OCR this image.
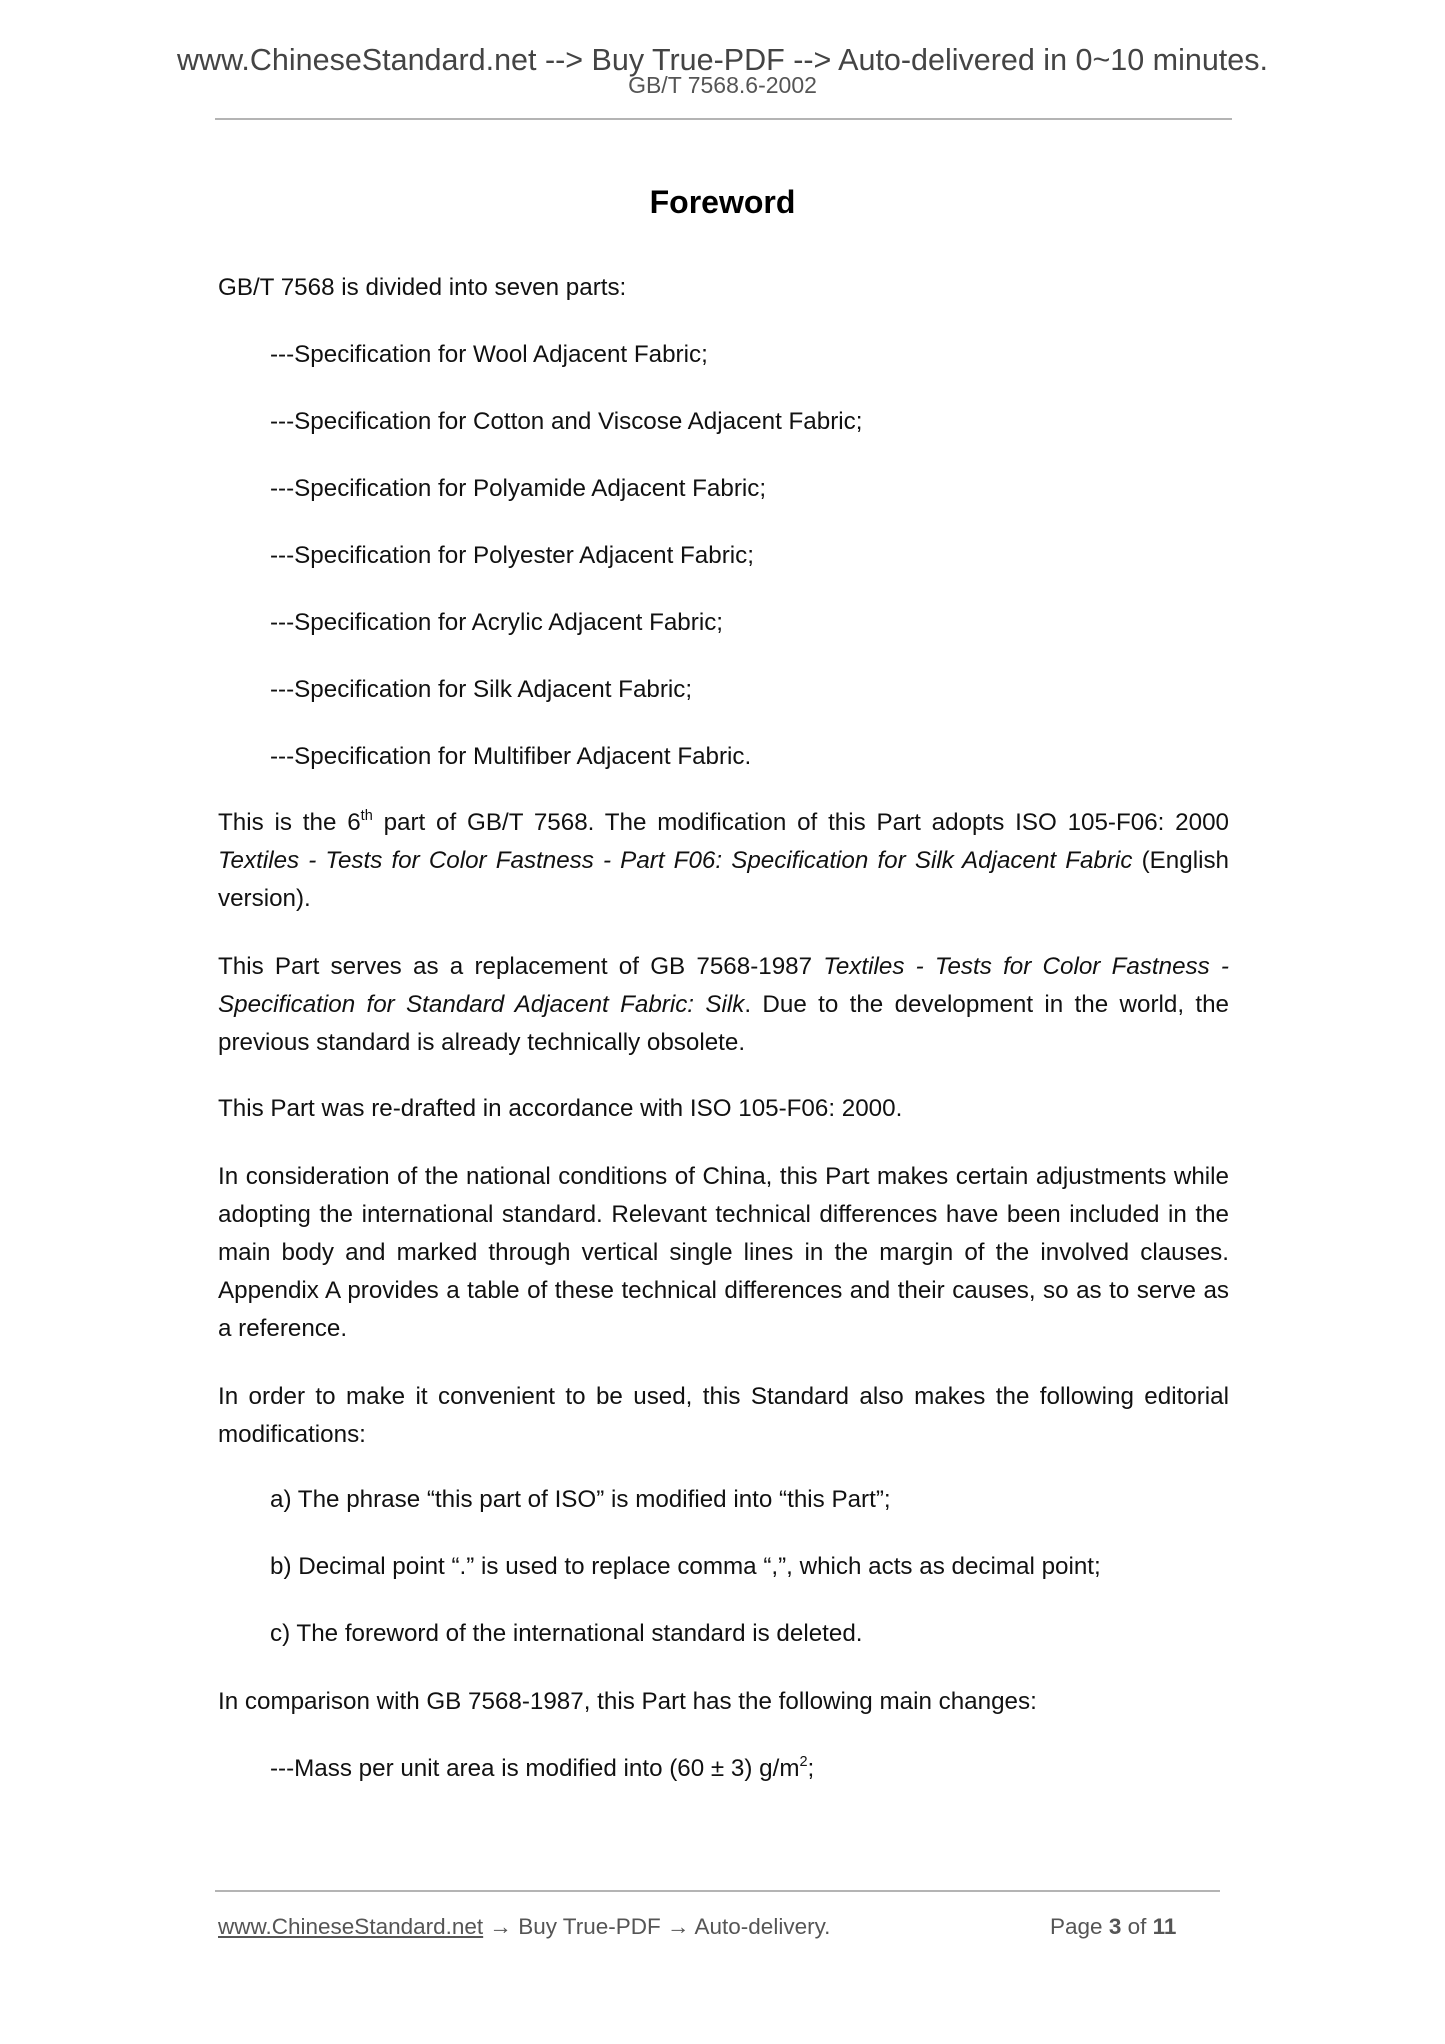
www.ChineseStandard.net --> Buy True-PDF --> Auto-delivered in 0~10 minutes.
GB/T 7568.6-2002
Foreword
GB/T 7568 is divided into seven parts:
---Specification for Wool Adjacent Fabric;
---Specification for Cotton and Viscose Adjacent Fabric;
---Specification for Polyamide Adjacent Fabric;
---Specification for Polyester Adjacent Fabric;
---Specification for Acrylic Adjacent Fabric;
---Specification for Silk Adjacent Fabric;
---Specification for Multifiber Adjacent Fabric.
This is the 6th part of GB/T 7568. The modification of this Part adopts ISO 105-F06: 2000 Textiles - Tests for Color Fastness - Part F06: Specification for Silk Adjacent Fabric (English version).
This Part serves as a replacement of GB 7568-1987 Textiles - Tests for Color Fastness - Specification for Standard Adjacent Fabric: Silk. Due to the development in the world, the previous standard is already technically obsolete.
This Part was re-drafted in accordance with ISO 105-F06: 2000.
In consideration of the national conditions of China, this Part makes certain adjustments while adopting the international standard. Relevant technical differences have been included in the main body and marked through vertical single lines in the margin of the involved clauses. Appendix A provides a table of these technical differences and their causes, so as to serve as a reference.
In order to make it convenient to be used, this Standard also makes the following editorial modifications:
a) The phrase “this part of ISO” is modified into “this Part”;
b) Decimal point “.” is used to replace comma “,”, which acts as decimal point;
c) The foreword of the international standard is deleted.
In comparison with GB 7568-1987, this Part has the following main changes:
---Mass per unit area is modified into (60 ± 3) $g/m^2$;
www.ChineseStandard.net → Buy True-PDF → Auto-delivery.	Page 3 of 11
